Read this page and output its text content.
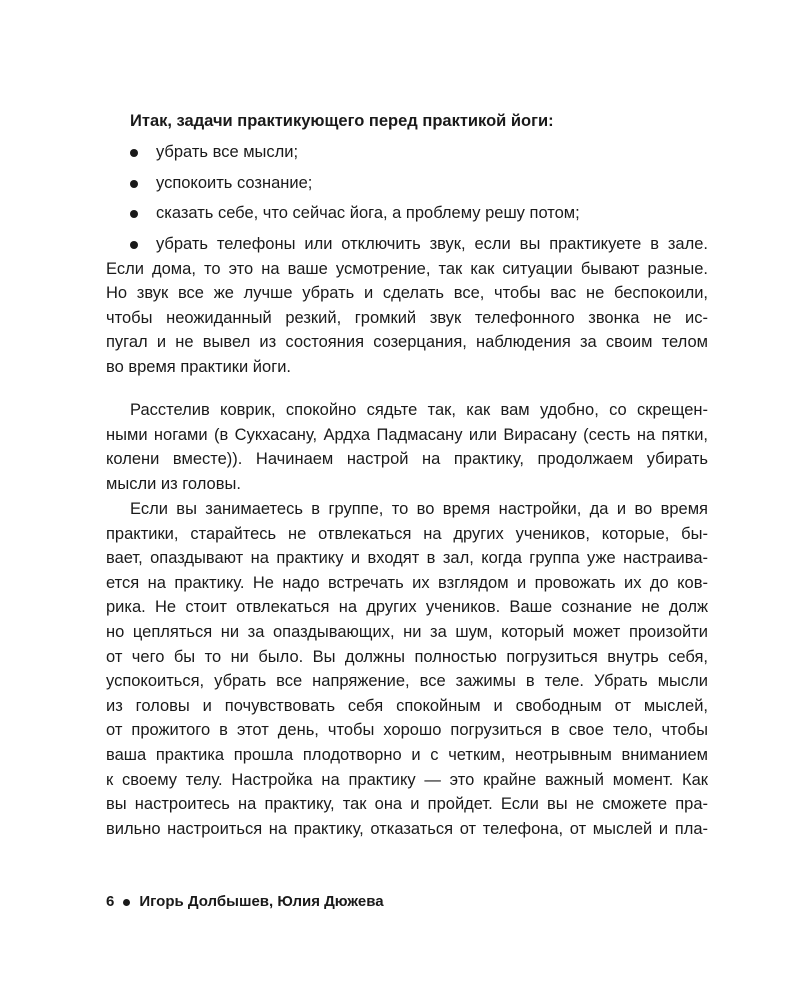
Итак, задачи практикующего перед практикой йоги:
убрать все мысли;
успокоить сознание;
сказать себе, что сейчас йога, а проблему решу потом;
убрать телефоны или отключить звук, если вы практикуете в зале.
Если дома, то это на ваше усмотрение, так как ситуации бывают разные.
Но звук все же лучше убрать и сделать все, чтобы вас не беспокоили,
чтобы неожиданный резкий, громкий звук телефонного звонка не ис-
пугал и не вывел из состояния созерцания, наблюдения за своим телом
во время практики йоги.
Расстелив коврик, спокойно сядьте так, как вам удобно, со скрещен-
ными ногами (в Сукхасану, Ардха Падмасану или Вирасану (сесть на пятки,
колени вместе)). Начинаем настрой на практику, продолжаем убирать
мысли из головы.
Если вы занимаетесь в группе, то во время настройки, да и во время
практики, старайтесь не отвлекаться на других учеников, которые, бы-
вает, опаздывают на практику и входят в зал, когда группа уже настраива-
ется на практику. Не надо встречать их взглядом и провожать их до ков-
рика. Не стоит отвлекаться на других учеников. Ваше сознание не долж
но цепляться ни за опаздывающих, ни за шум, который может произойти
от чего бы то ни было. Вы должны полностью погрузиться внутрь себя,
успокоиться, убрать все напряжение, все зажимы в теле. Убрать мысли
из головы и почувствовать себя спокойным и свободным от мыслей,
от прожитого в этот день, чтобы хорошо погрузиться в свое тело, чтобы
ваша практика прошла плодотворно и с четким, неотрывным вниманием
к своему телу. Настройка на практику — это крайне важный момент. Как
вы настроитесь на практику, так она и пройдет. Если вы не сможете пра-
вильно настроиться на практику, отказаться от телефона, от мыслей и пла-
6 Игорь Долбышев, Юлия Дюжева
